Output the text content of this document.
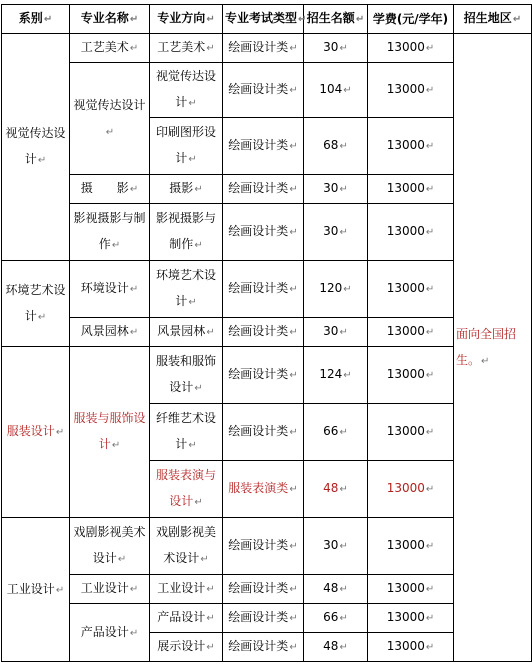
系别↵	专业名称↵	专业方向↵	专业考试类型↵	招生名额↵	学费(元/学年)	招生地区↵
视觉传达设计↵	工艺美术↵	工艺美术↵	绘画设计类↵	30↵	13000↵	面向全国招生。↵
	视觉传达设计↵	视觉传达设计↵	绘画设计类↵	104↵	13000↵	
		印刷图形设计↵	绘画设计类↵	68↵	13000↵	
	摄　　影↵	摄影↵	绘画设计类↵	30↵	13000↵	
	影视摄影与制作↵	影视摄影与制作↵	绘画设计类↵	30↵	13000↵	
环境艺术设计↵	环境设计↵	环境艺术设计↵	绘画设计类↵	120↵	13000↵	
	风景园林↵	风景园林↵	绘画设计类↵	30↵	13000↵	
服装设计↵	服装与服饰设计↵	服装和服饰设计↵	绘画设计类↵	124↵	13000↵	
		纤维艺术设计↵	绘画设计类↵	66↵	13000↵	
		服装表演与设计↵	服装表演类↵	48↵	13000↵	
工业设计↵	戏剧影视美术设计↵	戏剧影视美术设计↵	绘画设计类↵	30↵	13000↵	
	工业设计↵	工业设计↵	绘画设计类↵	48↵	13000↵	
	产品设计↵	产品设计↵	绘画设计类↵	66↵	13000↵	
		展示设计↵	绘画设计类↵	48↵	13000↵	
